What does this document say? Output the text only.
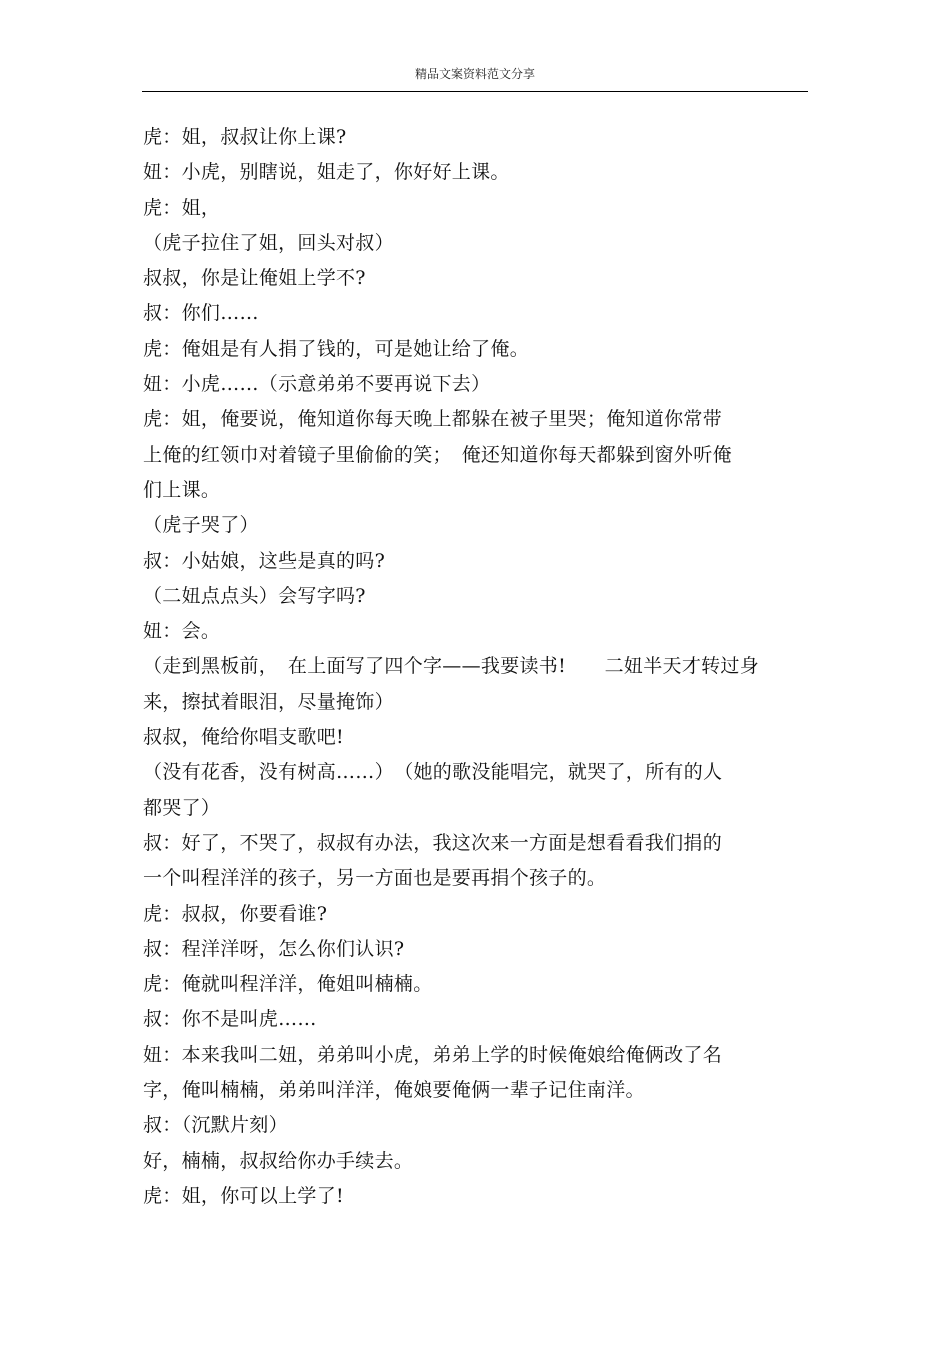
精品文案资料范文分享
虎：姐，叔叔让你上课?
妞：小虎，别瞎说，姐走了，你好好上课。
虎：姐，
（虎子拉住了姐，回头对叔）
叔叔，你是让俺姐上学不?
叔：你们……
虎：俺姐是有人捐了钱的，可是她让给了俺。
妞：小虎……（示意弟弟不要再说下去）
虎：姐，俺要说，俺知道你每天晚上都躲在被子里哭；俺知道你常带
上俺的红领巾对着镜子里偷偷的笑；　俺还知道你每天都躲到窗外听俺
们上课。
（虎子哭了）
叔：小姑娘，这些是真的吗?
（二妞点点头）会写字吗?
妞：会。
（走到黑板前，　在上面写了四个字——我要读书!　　二妞半天才转过身
来，擦拭着眼泪，尽量掩饰）
叔叔，俺给你唱支歌吧!
（没有花香，没有树高……）　（她的歌没能唱完，就哭了，所有的人
都哭了）
叔：好了，不哭了，叔叔有办法，我这次来一方面是想看看我们捐的
一个叫程洋洋的孩子，另一方面也是要再捐个孩子的。
虎：叔叔，你要看谁?
叔：程洋洋呀，怎么你们认识?
虎：俺就叫程洋洋，俺姐叫楠楠。
叔：你不是叫虎……
妞：本来我叫二妞，弟弟叫小虎，弟弟上学的时候俺娘给俺俩改了名
字，俺叫楠楠，弟弟叫洋洋，俺娘要俺俩一辈子记住南洋。
叔：（沉默片刻）
好，楠楠，叔叔给你办手续去。
虎：姐，你可以上学了!
